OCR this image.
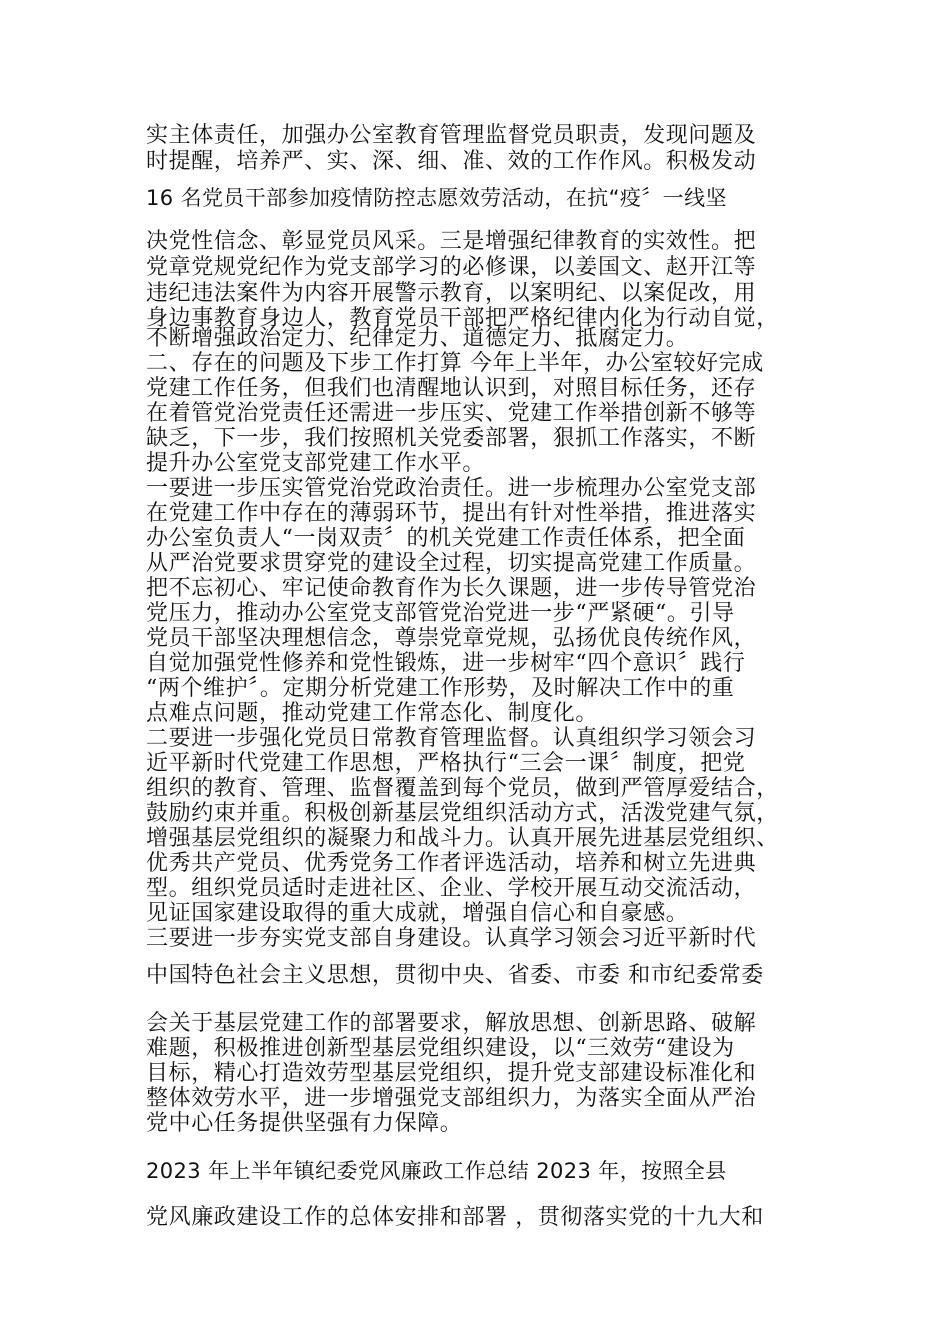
实主体责任，加强办公室教育管理监督党员职责，发现问题及

时提醒，培养严、实、深、细、准、效的工作作风。积极发动

16 名党员干部参加疫情防控志愿效劳活动，在抗“疫〞一线坚

决党性信念、彰显党员风采。三是增强纪律教育的实效性。把

党章党规党纪作为党支部学习的必修课，以姜国文、赵开江等

违纪违法案件为内容开展警示教育，以案明纪、以案促改，用

身边事教育身边人，教育党员干部把严格纪律内化为行动自觉，

不断增强政治定力、纪律定力、道德定力、抵腐定力。

二、存在的问题及下步工作打算 今年上半年，办公室较好完成

党建工作任务，但我们也清醒地认识到，对照目标任务，还存

在着管党治党责任还需进一步压实、党建工作举措创新不够等

缺乏，下一步，我们按照机关党委部署，狠抓工作落实，不断

提升办公室党支部党建工作水平。

一要进一步压实管党治党政治责任。进一步梳理办公室党支部

在党建工作中存在的薄弱环节，提出有针对性举措，推进落实

办公室负责人“一岗双责〞的机关党建工作责任体系，把全面

从严治党要求贯穿党的建设全过程，切实提高党建工作质量。

把不忘初心、牢记使命教育作为长久课题，进一步传导管党治

党压力，推动办公室党支部管党治党进一步“严紧硬“。引导

党员干部坚决理想信念，尊崇党章党规，弘扬优良传统作风，

自觉加强党性修养和党性锻炼，进一步树牢“四个意识〞践行

“两个维护〞。定期分析党建工作形势，及时解决工作中的重

点难点问题，推动党建工作常态化、制度化。

二要进一步强化党员日常教育管理监督。认真组织学习领会习

近平新时代党建工作思想，严格执行“三会一课〞制度，把党

组织的教育、管理、监督覆盖到每个党员，做到严管厚爱结合，

鼓励约束并重。积极创新基层党组织活动方式，活泼党建气氛，

增强基层党组织的凝聚力和战斗力。认真开展先进基层党组织、

优秀共产党员、优秀党务工作者评选活动，培养和树立先进典

型。组织党员适时走进社区、企业、学校开展互动交流活动，

见证国家建设取得的重大成就，增强自信心和自豪感。

三要进一步夯实党支部自身建设。认真学习领会习近平新时代

中国特色社会主义思想，贯彻中央、省委、市委 和市纪委常委

会关于基层党建工作的部署要求，解放思想、创新思路、破解

难题，积极推进创新型基层党组织建设，以“三效劳“建设为

目标，精心打造效劳型基层党组织，提升党支部建设标准化和

整体效劳水平，进一步增强党支部组织力，为落实全面从严治

党中心任务提供坚强有力保障。

2023 年上半年镇纪委党风廉政工作总结 2023 年，按照全县

党风廉政建设工作的总体安排和部署 ，贯彻落实党的十九大和
